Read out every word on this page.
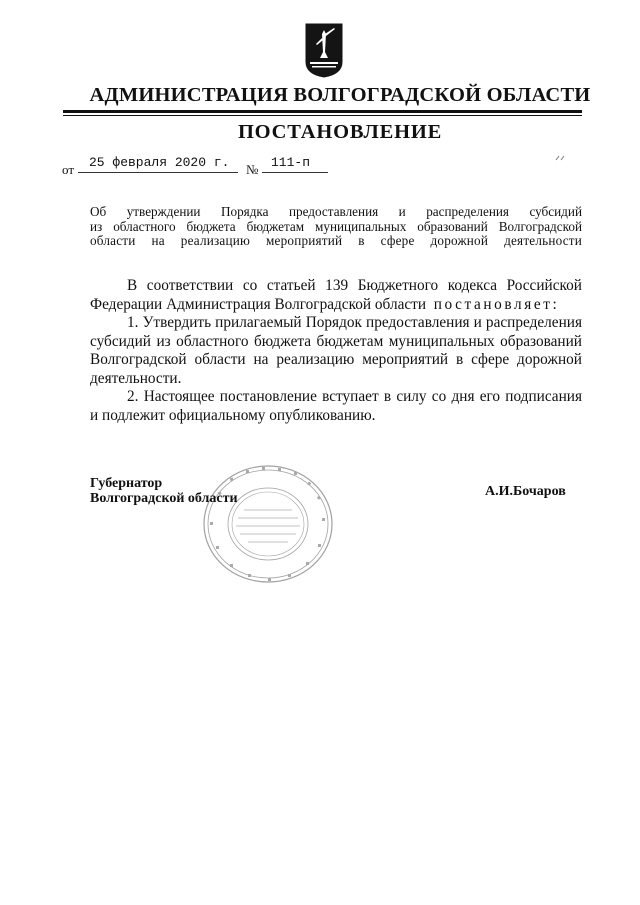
АДМИНИСТРАЦИЯ ВОЛГОГРАДСКОЙ ОБЛАСТИ
ПОСТАНОВЛЕНИЕ
от 25 февраля 2020 г. № 111-п
Об утверждении Порядка предоставления и распределения субсидий
из областного бюджета бюджетам муниципальных образований Волгоградской
области на реализацию мероприятий в сфере дорожной деятельности
В соответствии со статьей 139 Бюджетного кодекса Российской
Федерации Администрация Волгоградской области постановляет:
1. Утвердить прилагаемый Порядок предоставления и распределения
субсидий из областного бюджета бюджетам муниципальных образований
Волгоградской области на реализацию мероприятий в сфере дорожной
деятельности.
2. Настоящее постановление вступает в силу со дня его подписания
и подлежит официальному опубликованию.
Губернатор
Волгоградской области	А.И.Бочаров
